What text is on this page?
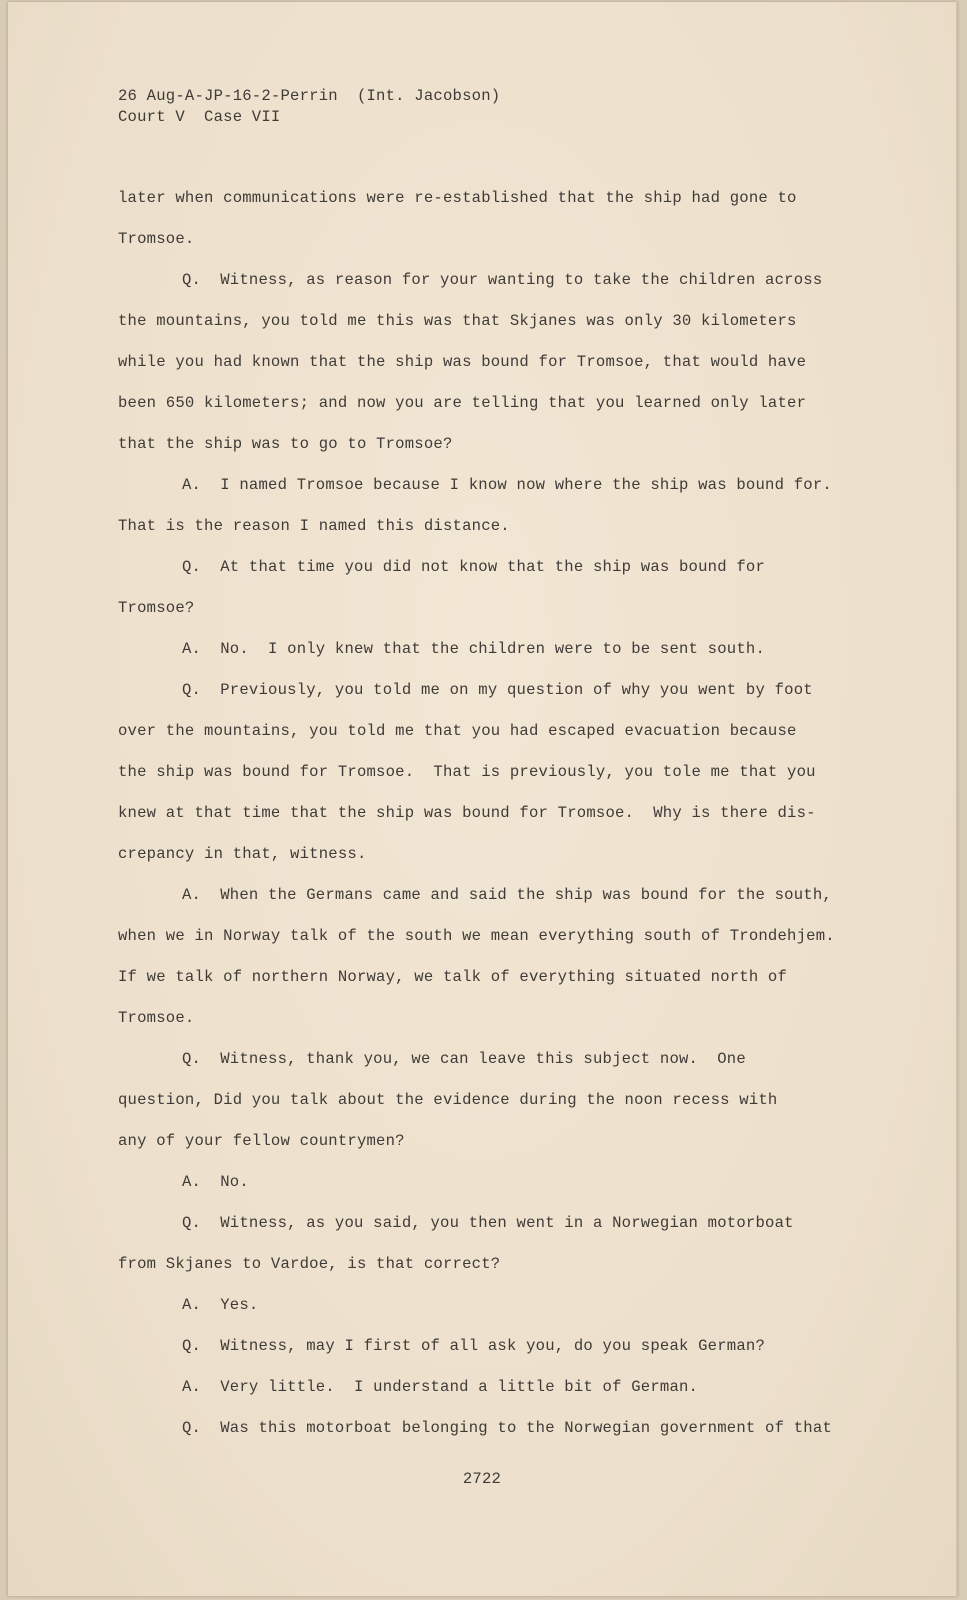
26 Aug-A-JP-16-2-Perrin  (Int. Jacobson)
Court V  Case VII
later when communications were re-established that the ship had gone to
Tromsoe.
Q.  Witness, as reason for your wanting to take the children across
the mountains, you told me this was that Skjanes was only 30 kilometers
while you had known that the ship was bound for Tromsoe, that would have
been 650 kilometers; and now you are telling that you learned only later
that the ship was to go to Tromsoe?
A.  I named Tromsoe because I know now where the ship was bound for.
That is the reason I named this distance.
Q.  At that time you did not know that the ship was bound for
Tromsoe?
A.  No.  I only knew that the children were to be sent south.
Q.  Previously, you told me on my question of why you went by foot
over the mountains, you told me that you had escaped evacuation because
the ship was bound for Tromsoe.  That is previously, you tole me that you
knew at that time that the ship was bound for Tromsoe.  Why is there dis-
crepancy in that, witness.
A.  When the Germans came and said the ship was bound for the south,
when we in Norway talk of the south we mean everything south of Trondehjem.
If we talk of northern Norway, we talk of everything situated north of
Tromsoe.
Q.  Witness, thank you, we can leave this subject now.  One
question, Did you talk about the evidence during the noon recess with
any of your fellow countrymen?
A.  No.
Q.  Witness, as you said, you then went in a Norwegian motorboat
from Skjanes to Vardoe, is that correct?
A.  Yes.
Q.  Witness, may I first of all ask you, do you speak German?
A.  Very little.  I understand a little bit of German.
Q.  Was this motorboat belonging to the Norwegian government of that
2722
